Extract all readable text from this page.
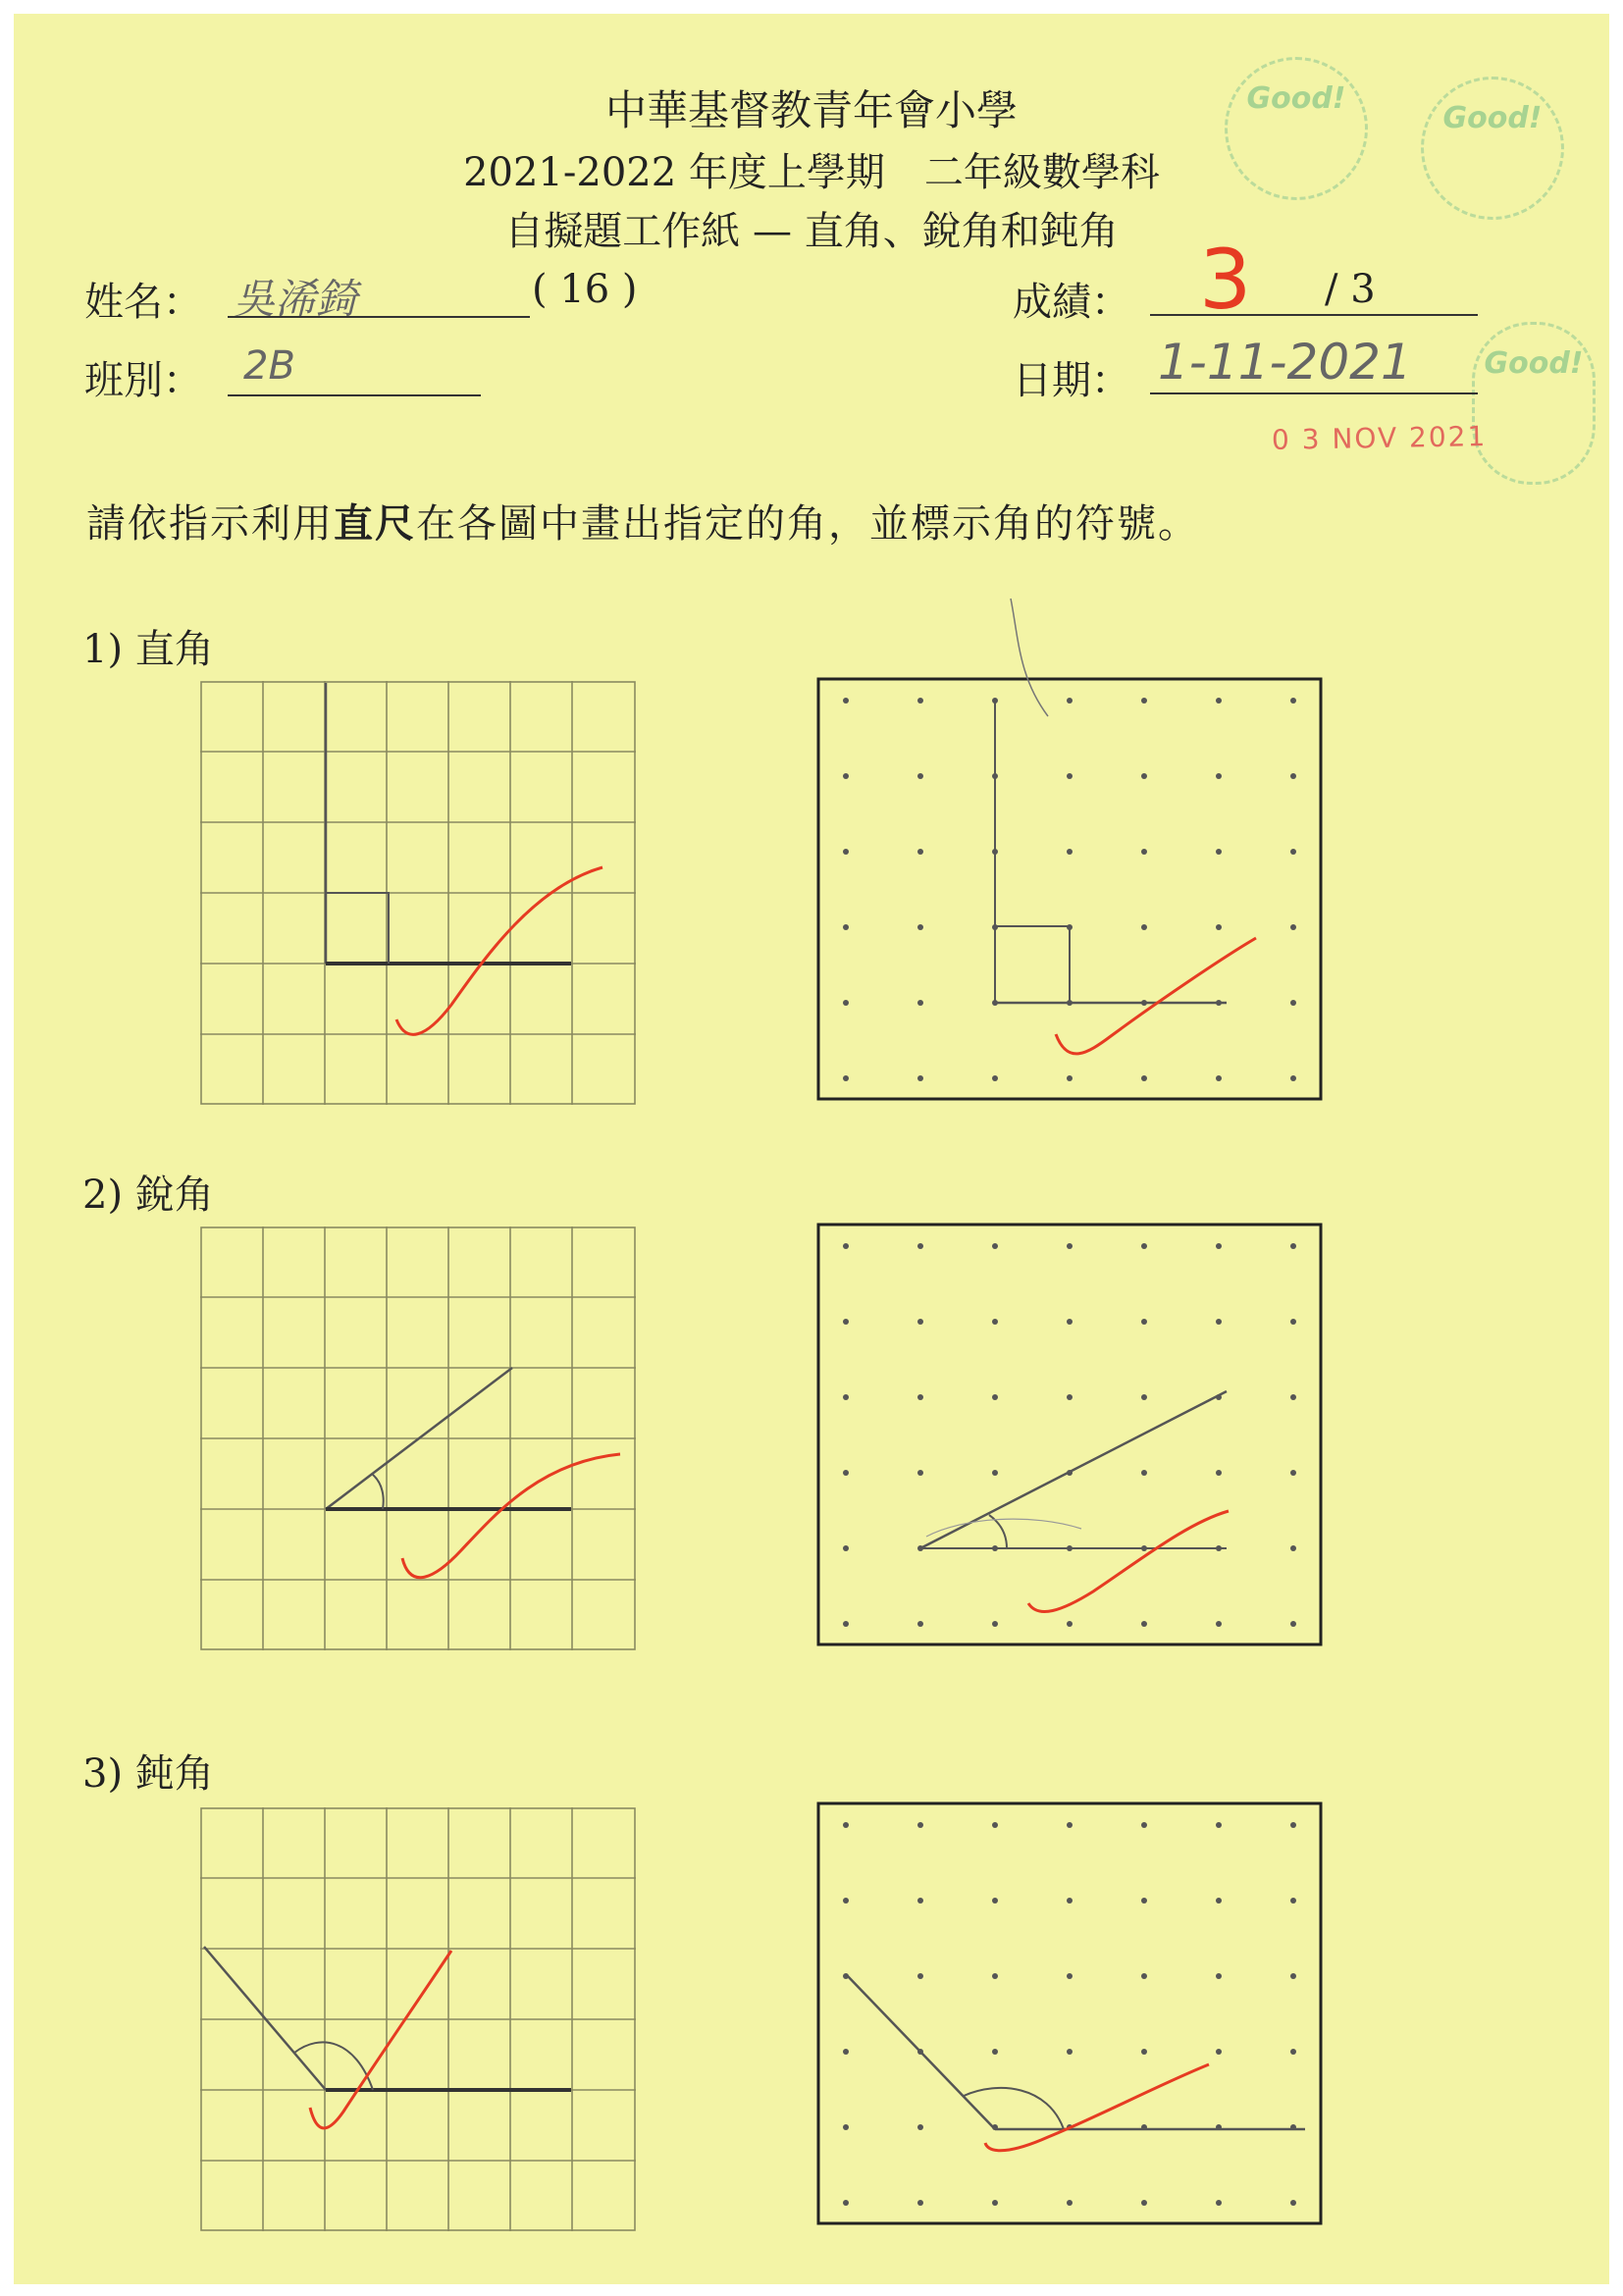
Good!
Good!
Good!
中華基督教青年會小學
2021-2022 年度上學期　二年級數學科
自擬題工作紙 — 直角、銳角和鈍角
姓名： 吳浠錡	( 16 )	成績： 3 / 3
班別： 2B	日期： 1-11-2021
0 3 NOV 2021
請依指示利用直尺在各圖中畫出指定的角，並標示角的符號。
1) 直角
2) 銳角
3) 鈍角
